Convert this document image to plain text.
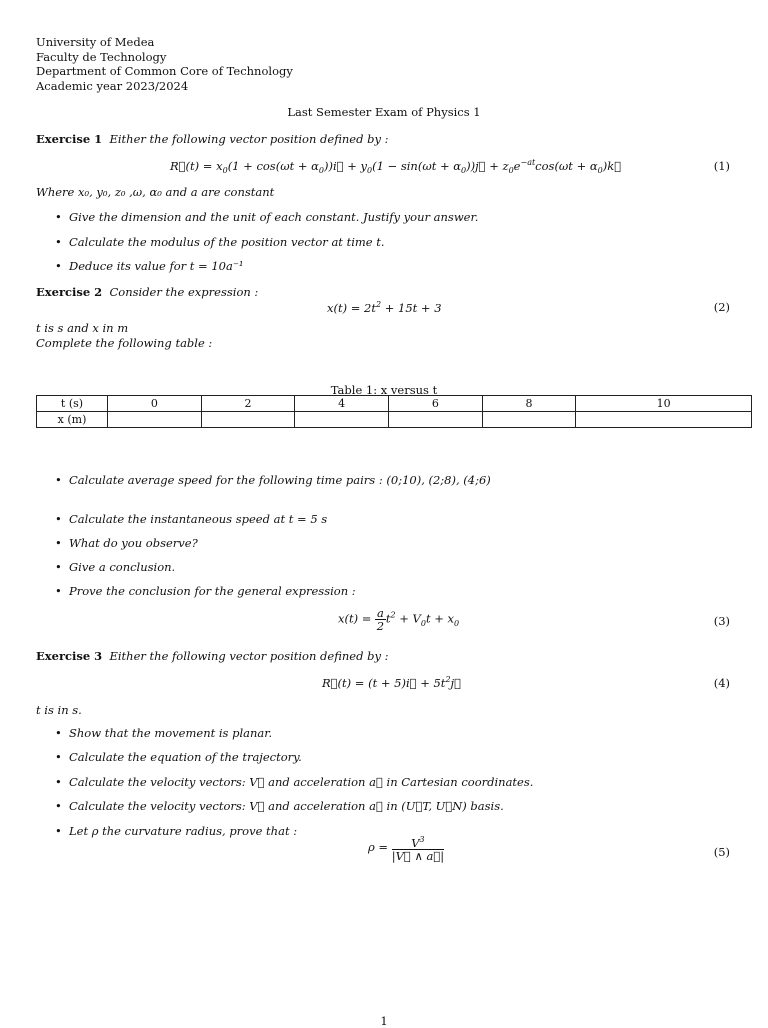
University of Medea
Faculty de Technology
Department of Common Core of Technology
Academic year 2023/2024
Last Semester Exam of Physics 1
Exercise 1 Either the following vector position defined by :
R⃗(t) = $x_0(1 + \cos(\omega t$ + $\alpha_0))i⃗ + y_0(1 - \sin(\omega t$ + $\alpha_0))j⃗ + z_0e^{-at}\cos(\omega t$ + $\alpha_0)k⃗$	(1)
Where x₀, y₀, z₀ ,ω, α₀ and a are constant
• Give the dimension and the unit of each constant. Justify your answer.
• Calculate the modulus of the position vector at time t.
• Deduce its value for t = 10a⁻¹
Exercise 2 Consider the expression :
$x(t) = 2t^2 + 15t + 3$	(2)
t is s and x in m
Complete the following table :
Table 1: x versus t
t (s)	0	2	4	6	8	10
x (m)						
• Calculate average speed for the following time pairs : (0;10), (2;8), (4;6)
• Calculate the instantaneous speed at t = 5 s
• What do you observe?
• Give a conclusion.
• Prove the conclusion for the general expression :
$x(t) = \frac{a}{2} t^2 + V_0t + x_0$	(3)
Exercise 3 Either the following vector position defined by :
R⃗(t) = (t + 5)i⃗ + $5t^2j⃗$	(4)
t is in s.
• Show that the movement is planar.
• Calculate the equation of the trajectory.
• Calculate the velocity vectors: V⃗ and acceleration a⃗ in Cartesian coordinates.
• Calculate the velocity vectors: V⃗ and acceleration a⃗ in (U⃗T, U⃗N) basis.
• Let ρ the curvature radius, prove that :
$\rho = \frac{V^3}{|V⃗ \wedge a⃗|}$	(5)
1
